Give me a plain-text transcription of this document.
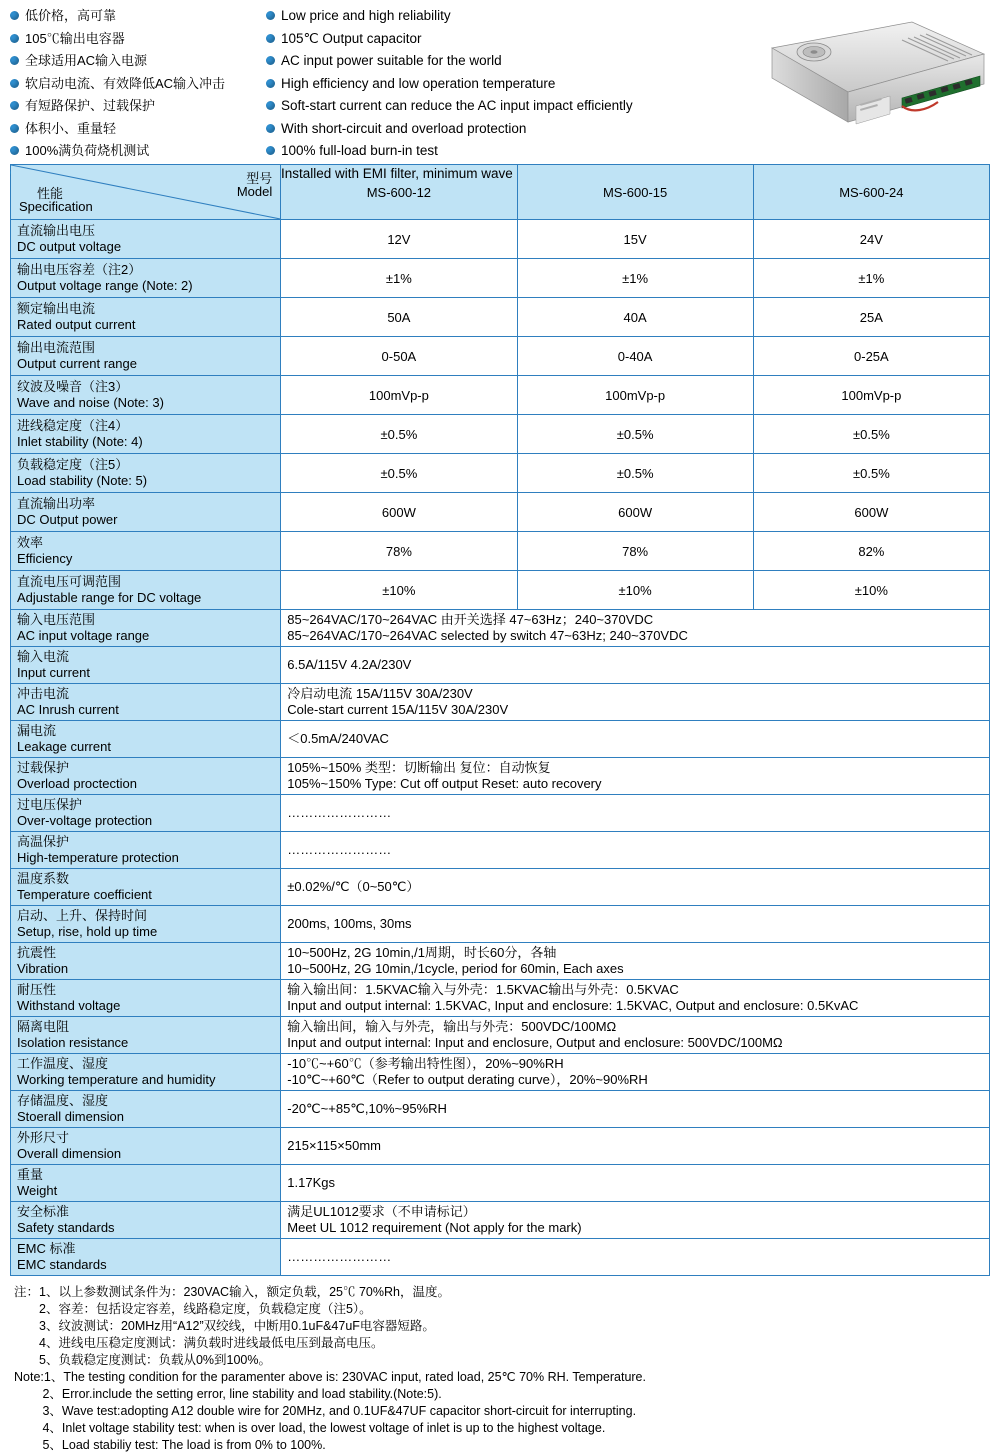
低价格，高可靠
105℃输出电容器
全球适用AC输入电源
软启动电流、有效降低AC输入冲击
有短路保护、过载保护
体积小、重量轻
100%满负荷烧机测试
Low price and high reliability
105℃ Output capacitor
AC input power suitable for the world
High efficiency and low operation temperature
Soft-start current can reduce the AC input impact efficiently
With short-circuit and overload protection
100% full-load burn-in test
Installed with EMI filter, minimum wave
型号
Model
性能
Specification	MS-600-12	MS-600-15	MS-600-24

直流输出电压
DC output voltage	12V	15V	24V

输出电压容差（注2）
Output voltage range (Note: 2)	±1%	±1%	±1%

额定输出电流
Rated output current	50A	40A	25A

输出电流范围
Output current range	0-50A	0-40A	0-25A

纹波及噪音（注3）
Wave and noise (Note: 3)	100mVp-p	100mVp-p	100mVp-p

进线稳定度（注4）
Inlet stability (Note: 4)	±0.5%	±0.5%	±0.5%

负载稳定度（注5）
Load stability (Note: 5)	±0.5%	±0.5%	±0.5%

直流输出功率
DC Output power	600W	600W	600W

效率
Efficiency	78%	78%	82%

直流电压可调范围
Adjustable range for DC voltage	±10%	±10%	±10%

输入电压范围
AC input voltage range
	85~264VAC/170~264VAC 由开关选择 47~63Hz；240~370VDC
85~264VAC/170~264VAC selected by switch 47~63Hz; 240~370VDC

输入电流
Input current	6.5A/115V 4.2A/230V		

冲击电流
AC Inrush current
	冷启动电流 15A/115V 30A/230V
Cole-start current 15A/115V 30A/230V

漏电流
Leakage current	＜0.5mA/240VAC		

过载保护
Overload proctection
	105%~150% 类型：切断输出 复位：自动恢复
105%~150% Type: Cut off output Reset: auto recovery

过电压保护
Over-voltage protection	……………………		

高温保护
High-temperature protection	……………………		

温度系数
Temperature coefficient	±0.02%/℃（0~50℃）		

启动、上升、保持时间
Setup, rise, hold up time	200ms, 100ms, 30ms		

抗震性
Vibration
	10~500Hz, 2G 10min,/1周期，时长60分，各轴
10~500Hz, 2G 10min,/1cycle, period for 60min, Each axes

耐压性
Withstand voltage
	输入输出间：1.5KVAC输入与外壳：1.5KVAC输出与外壳：0.5KVAC
Input and output internal: 1.5KVAC, Input and enclosure: 1.5KVAC, Output and enclosure: 0.5KvAC

隔离电阻
Isolation resistance
	输入输出间，输入与外壳，输出与外壳：500VDC/100MΩ
Input and output internal: Input and enclosure, Output and enclosure: 500VDC/100MΩ

工作温度、湿度
Working temperature and humidity
	-10℃~+60℃（参考输出特性图），20%~90%RH
-10℃~+60℃（Refer to output derating curve），20%~90%RH

存储温度、湿度
Stoerall dimension	-20℃~+85℃,10%~95%RH		

外形尺寸
Overall dimension	215×115×50mm		

重量
Weight	1.17Kgs		

安全标准
Safety standards
	满足UL1012要求（不申请标记）
Meet UL 1012 requirement (Not apply for the mark)

EMC 标准
EMC standards	……………………		
注：1、以上参数测试条件为：230VAC输入，额定负载，25℃ 70%Rh，温度。
　　2、容差：包括设定容差，线路稳定度，负载稳定度（注5）。
　　3、纹波测试：20MHz用“A12”双绞线，中断用0.1uF&47uF电容器短路。
　　4、进线电压稳定度测试：满负载时进线最低电压到最高电压。
　　5、负载稳定度测试：负载从0%到100%。
Note:1、The testing condition for the paramenter above is: 230VAC input, rated load, 25℃ 70% RH. Temperature.
　　 2、Error.include the setting error, line stability and load stability.(Note:5).
　　 3、Wave test:adopting A12 double wire for 20MHz, and 0.1UF&47UF capacitor short-circuit for interrupting.
　　 4、Inlet voltage stability test: when is over load, the lowest voltage of inlet is up to the highest voltage.
　　 5、Load stabiliy test: The load is from 0% to 100%.
